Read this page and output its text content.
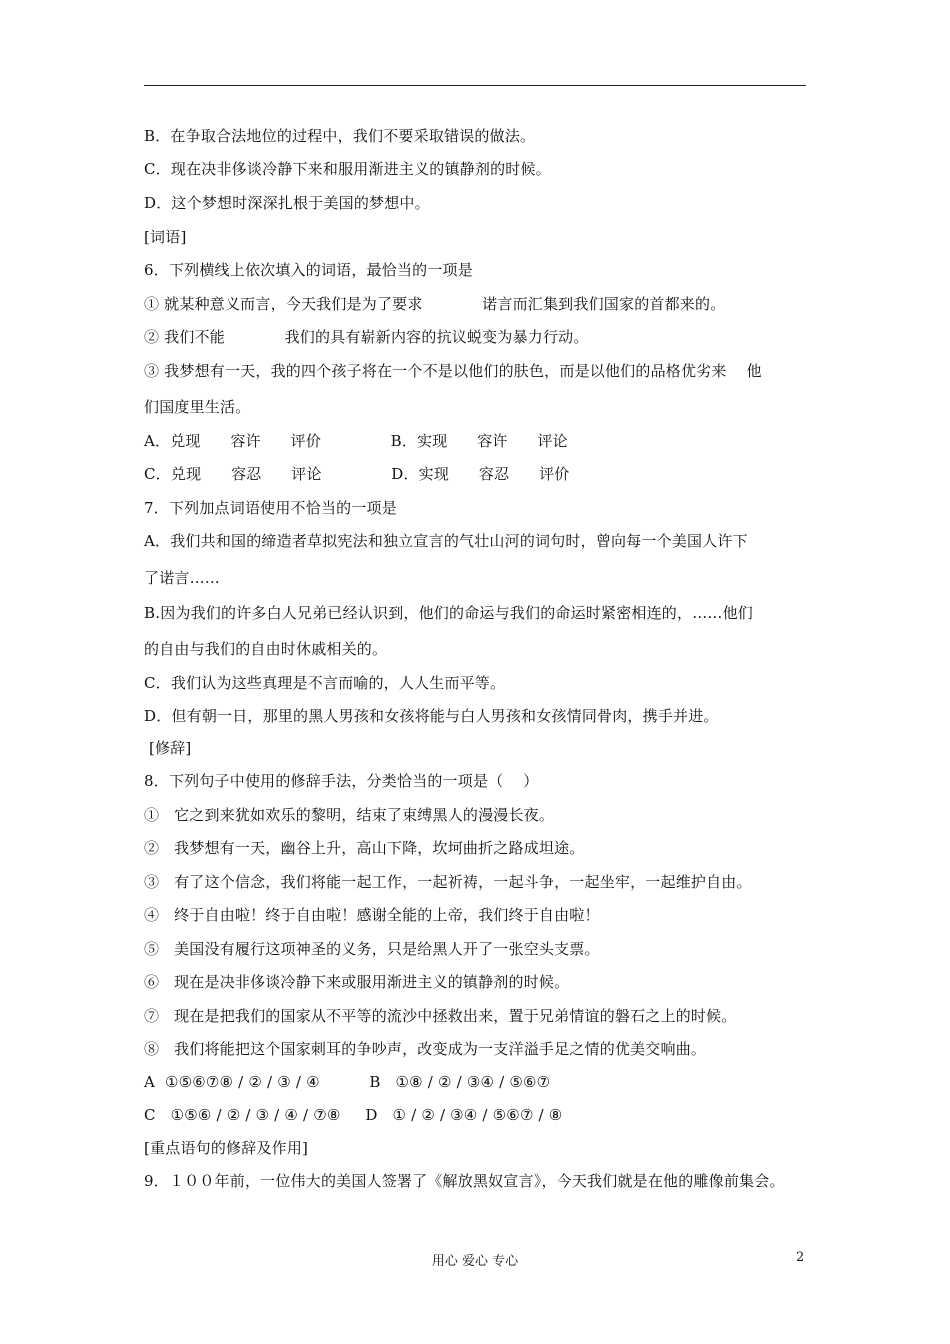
B．在争取合法地位的过程中，我们不要采取错误的做法。
C．现在决非侈谈冷静下来和服用渐进主义的镇静剂的时候。
D．这个梦想时深深扎根于美国的梦想中。
[词语]
6．下列横线上依次填入的词语，最恰当的一项是
① 就某种意义而言，今天我们是为了要求            诺言而汇集到我们国家的首都来的。
② 我们不能            我们的具有崭新内容的抗议蜕变为暴力行动。
③ 我梦想有一天，我的四个孩子将在一个不是以他们的肤色，而是以他们的品格优劣来    他
们国度里生活。
A．兑现      容许      评价              B．实现      容许      评论
C．兑现      容忍      评论              D．实现      容忍      评价
7．下列加点词语使用不恰当的一项是
A．我们共和国的缔造者草拟宪法和独立宣言的气壮山河的词句时，曾向每一个美国人许下
了诺言……
B.因为我们的许多白人兄弟已经认识到，他们的命运与我们的命运时紧密相连的，……他们
的自由与我们的自由时休戚相关的。
C．我们认为这些真理是不言而喻的，人人生而平等。
D．但有朝一日，那里的黑人男孩和女孩将能与白人男孩和女孩情同骨肉，携手并进。
[修辞]
8．下列句子中使用的修辞手法，分类恰当的一项是（    ）
①   它之到来犹如欢乐的黎明，结束了束缚黑人的漫漫长夜。
②   我梦想有一天，幽谷上升，高山下降，坎坷曲折之路成坦途。
③   有了这个信念，我们将能一起工作，一起祈祷，一起斗争，一起坐牢，一起维护自由。
④   终于自由啦！终于自由啦！感谢全能的上帝，我们终于自由啦！
⑤   美国没有履行这项神圣的义务，只是给黑人开了一张空头支票。
⑥   现在是决非侈谈冷静下来或服用渐进主义的镇静剂的时候。
⑦   现在是把我们的国家从不平等的流沙中拯救出来，置于兄弟情谊的磐石之上的时候。
⑧   我们将能把这个国家刺耳的争吵声，改变成为一支洋溢手足之情的优美交响曲。
A  ①⑤⑥⑦⑧ / ② / ③ / ④          B   ①⑧ / ② / ③④ / ⑤⑥⑦
C   ①⑤⑥ / ② / ③ / ④ / ⑦⑧     D   ① / ② / ③④ / ⑤⑥⑦ / ⑧
[重点语句的修辞及作用]
9．１００年前，一位伟大的美国人签署了《解放黑奴宣言》，今天我们就是在他的雕像前集会。
用心 爱心 专心	2
